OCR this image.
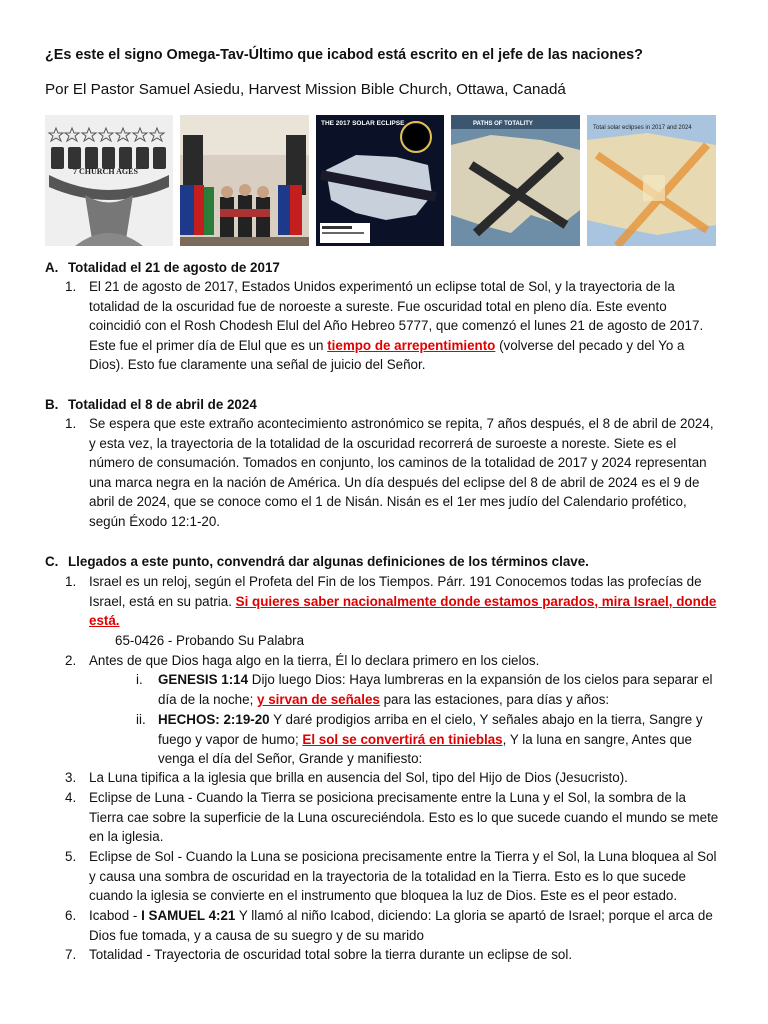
¿Es este el signo Omega-Tav-Último que icabod está escrito en el jefe de las naciones?
Por El Pastor Samuel Asiedu, Harvest Mission Bible Church, Ottawa, Canadá
7 CHURCH AGES
THE 2017 SOLAR ECLIPSE	PATHS OF TOTALITY
Total solar eclipses in 2017 and 2024
A. Totalidad el 21 de agosto de 2017
1. El 21 de agosto de 2017, Estados Unidos experimentó un eclipse total de Sol, y la trayectoria de la totalidad de la oscuridad fue de noroeste a sureste. Fue oscuridad total en pleno día. Este evento coincidió con el Rosh Chodesh Elul del Año Hebreo 5777, que comenzó el lunes 21 de agosto de 2017. Este fue el primer día de Elul que es un tiempo de arrepentimiento (volverse del pecado y del Yo a Dios). Esto fue claramente una señal de juicio del Señor.
B. Totalidad el 8 de abril de 2024
1. Se espera que este extraño acontecimiento astronómico se repita, 7 años después, el 8 de abril de 2024, y esta vez, la trayectoria de la totalidad de la oscuridad recorrerá de suroeste a noreste. Siete es el número de consumación. Tomados en conjunto, los caminos de la totalidad de 2017 y 2024 representan una marca negra en la nación de América. Un día después del eclipse del 8 de abril de 2024 es el 9 de abril de 2024, que se conoce como el 1 de Nisán. Nisán es el 1er mes judío del Calendario profético, según Éxodo 12:1-20.
C. Llegados a este punto, convendrá dar algunas definiciones de los términos clave.
1. Israel es un reloj, según el Profeta del Fin de los Tiempos. Párr. 191 Conocemos todas las profecías de Israel, está en su patria. Si quieres saber nacionalmente donde estamos parados, mira Israel, donde está.
65-0426 - Probando Su Palabra
2. Antes de que Dios haga algo en la tierra, Él lo declara primero en los cielos.
i. GENESIS 1:14 Dijo luego Dios: Haya lumbreras en la expansión de los cielos para separar el día de la noche; y sirvan de señales para las estaciones, para días y años:
ii. HECHOS: 2:19-20 Y daré prodigios arriba en el cielo, Y señales abajo en la tierra, Sangre y fuego y vapor de humo; El sol se convertirá en tinieblas, Y la luna en sangre, Antes que venga el día del Señor, Grande y manifiesto:
3. La Luna tipifica a la iglesia que brilla en ausencia del Sol, tipo del Hijo de Dios (Jesucristo).
4. Eclipse de Luna - Cuando la Tierra se posiciona precisamente entre la Luna y el Sol, la sombra de la Tierra cae sobre la superficie de la Luna oscureciéndola. Esto es lo que sucede cuando el mundo se mete en la iglesia.
5. Eclipse de Sol - Cuando la Luna se posiciona precisamente entre la Tierra y el Sol, la Luna bloquea al Sol y causa una sombra de oscuridad en la trayectoria de la totalidad en la Tierra. Esto es lo que sucede cuando la iglesia se convierte en el instrumento que bloquea la luz de Dios. Este es el peor estado.
6. Icabod - I SAMUEL 4:21 Y llamó al niño Icabod, diciendo: La gloria se apartó de Israel; porque el arca de Dios fue tomada, y a causa de su suegro y de su marido
7. Totalidad - Trayectoria de oscuridad total sobre la tierra durante un eclipse de sol.
